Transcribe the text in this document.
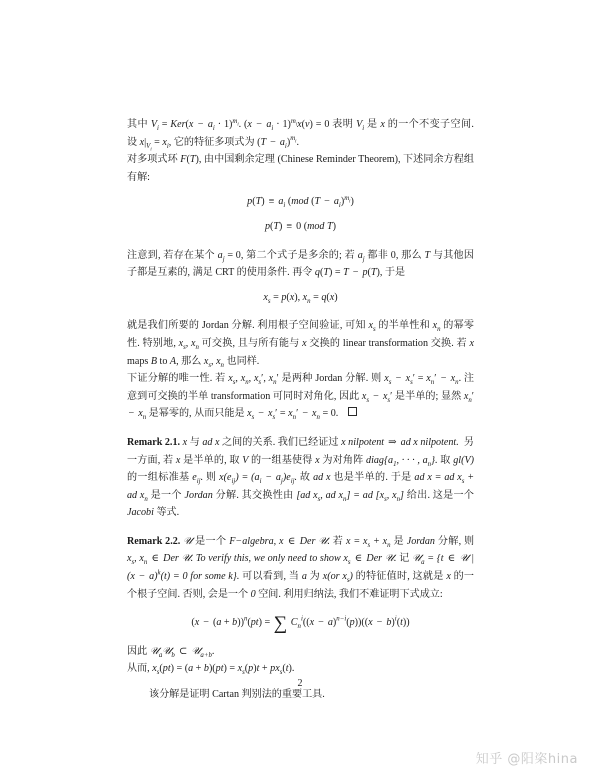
其中 $V_i = Ker(x - a_i \cdot 1)^{m_i}$. $(x - a_i \cdot 1)^{m_i}x(v) = 0$ 表明 $V_i$ 是 x 的一个不变子空间. 设 $x|_{V_i} = x_i$, 它的特征多项式为 $(T - a_i)^{m_i}$.
对多项式环 F(T), 由中国剩余定理 (Chinese Reminder Theorem), 下述同余方程组有解:
$p(T) \equiv a_i$ (mod $(T - a_i)^{m_i}$)
p(T) ≡ 0 (mod T)
注意到, 若存在某个 $a_j = 0$, 第二个式子是多余的; 若 $a_j$ 都非 0, 那么 T 与其他因子都是互素的, 满足 CRT 的使用条件. 再令 q(T) = T − p(T), 于是
$x_s = p(x)$, $x_n = q(x)$
就是我们所要的 Jordan 分解. 利用根子空间验证, 可知 $x_s$ 的半单性和 $x_n$ 的幂零性. 特别地, $x_s$, $x_n$ 可交换, 且与所有能与 x 交换的 linear transformation 交换. 若 x maps B to A, 那么 $x_s$, $x_n$ 也同样.
下证分解的唯一性. 若 $x_s$, $x_n$, $x_s'$, $x_n'$ 是两种 Jordan 分解. 则 $x_s - x_s' = x_n' - x_n$. 注意到可交换的半单 transformation 可同时对角化, 因此 $x_s - x_s'$ 是半单的; 显然 $x_n' - x_n$ 是幂零的, 从而只能是 $x_s - x_s' = x_n' - x_n = 0$.
Remark 2.1. x 与 ad x 之间的关系. 我们已经证过 x nilpotent ⇒ ad x nilpotent.  另一方面, 若 x 是半单的, 取 V 的一组基使得 x 为对角阵 $diag\{a_1$, · · · , $a_n$}. 取 gl(V) 的一组标准基 $e_{ij}$. 则 $x(e_{ij}) = (a_i - a_j)e_{ij}$. 故 ad x 也是半单的. 于是 ad x = ad $x_s$ + ad $x_n$ 是一个 Jordan 分解. 其交换性由 [ad $x_s$, ad $x_n$] = ad [$x_s$, $x_n$] 给出. 这是一个 Jacobi 等式.
Remark 2.2. 𝒰 是一个 F−algebra, x ∈ Der 𝒰. 若 $x = x_s + x_n$ 是 Jordan 分解, 则 $x_s$, $x_n$ ∈ Der 𝒰. To verify this, we only need to show $x_s$ ∈ Der 𝒰. 记 𝒰$_a$ = {t ∈ 𝒰 | $(x - a)^k(t) = 0$ for some k}. 可以看到, 当 a 为 x(or $x_s$) 的特征值时, 这就是 x 的一个根子空间. 否则, 会是一个 0 空间. 利用归纳法, 我们不难证明下式成立:
$(x - (a + b))^n(pt)$ = ∑ $C_n^i((x - a)^{n-i}(p))((x - b)^i(t))$
因此 𝒰$_a$𝒰$_b$ ⊂ 𝒰$_{a+b}$.
从而, $x_s(pt) = (a + b)(pt) = x_s(p)t + px_s(t)$.
该分解是证明 Cartan 判别法的重要工具.
2
知乎 @阳栥hina
